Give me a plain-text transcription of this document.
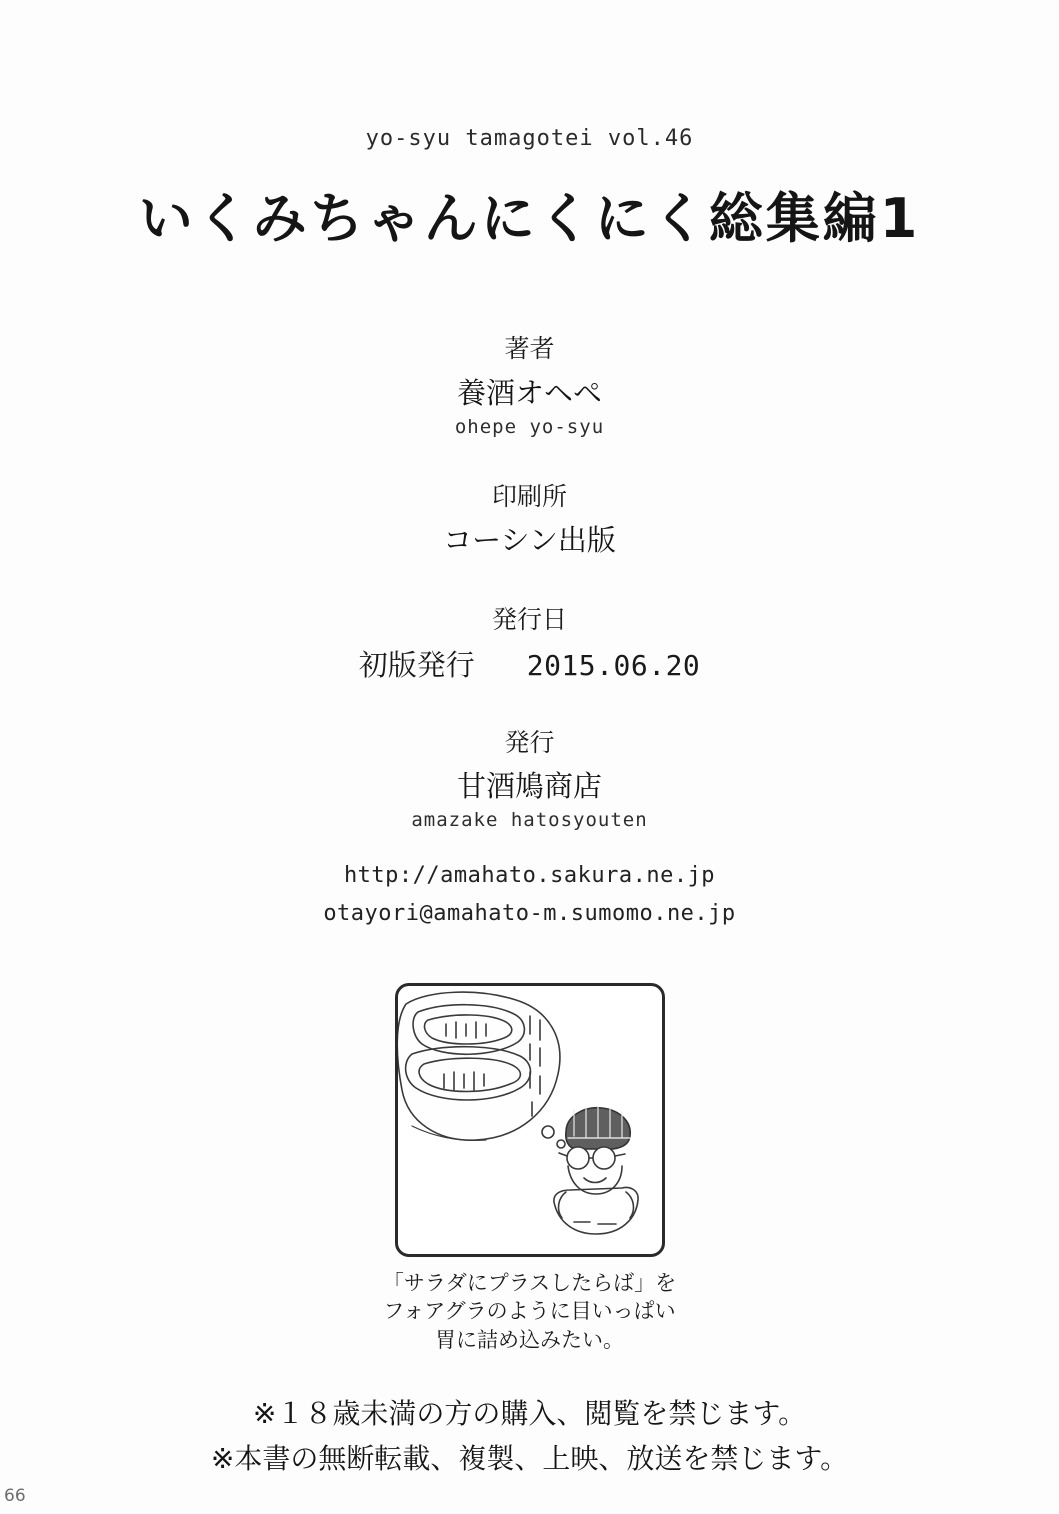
yo-syu tamagotei vol.46
いくみちゃんにくにく総集編1
著者
養酒オヘペ
ohepe yo-syu
印刷所
コーシン出版
発行日
初版発行 2015.06.20
発行
甘酒鳩商店
amazake hatosyouten
http://amahato.sakura.ne.jp
otayori@amahato-m.sumomo.ne.jp
「サラダにプラスしたらば」を
フォアグラのように目いっぱい
胃に詰め込みたい。
※１８歳未満の方の購入、閲覧を禁じます。
※本書の無断転載、複製、上映、放送を禁じます。
66
